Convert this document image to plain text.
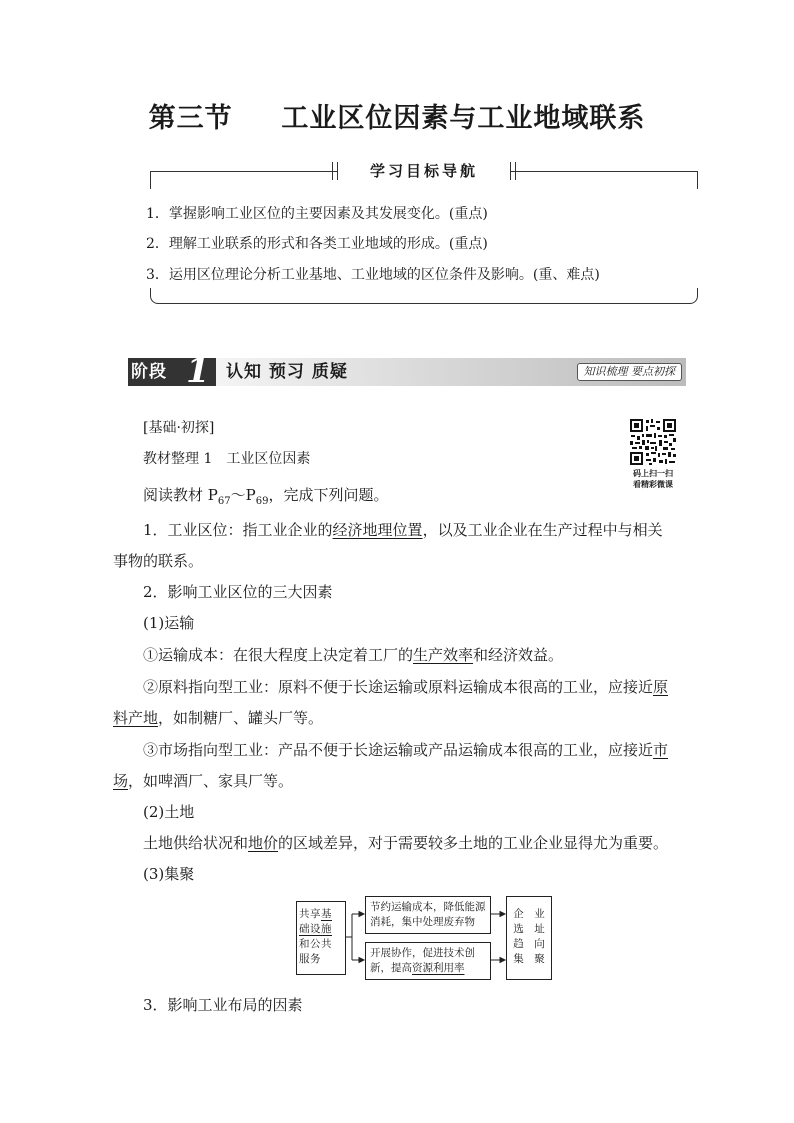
第三节 工业区位因素与工业地域联系
学习目标导航
1．掌握影响工业区位的主要因素及其发展变化。(重点)
2．理解工业联系的形式和各类工业地域的形成。(重点)
3．运用区位理论分析工业基地、工业地域的区位条件及影响。(重、难点)
阶段 1 认知 预习 质疑	知识梳理 要点初探
码上扫一扫
看精彩微课
[基础·初探]
教材整理 1　工业区位因素
阅读教材 $P_{67}\sim P_{69}$，完成下列问题。
1．工业区位：指工业企业的经济地理位置，以及工业企业在生产过程中与相关
事物的联系。
2．影响工业区位的三大因素
(1)运输
①运输成本：在很大程度上决定着工厂的生产效率和经济效益。
②原料指向型工业：原料不便于长途运输或原料运输成本很高的工业，应接近原
料产地，如制糖厂、罐头厂等。
③市场指向型工业：产品不便于长途运输或产品运输成本很高的工业，应接近市
场，如啤酒厂、家具厂等。
(2)土地
土地供给状况和地价的区域差异，对于需要较多土地的工业企业显得尤为重要。
(3)集聚
共享基
础设施
和公共
服务
节约运输成本，降低能源
消耗，集中处理废弃物
开展协作，促进技术创
新，提高资源利用率
企　业
选　址
趋　向
集　聚
3．影响工业布局的因素
